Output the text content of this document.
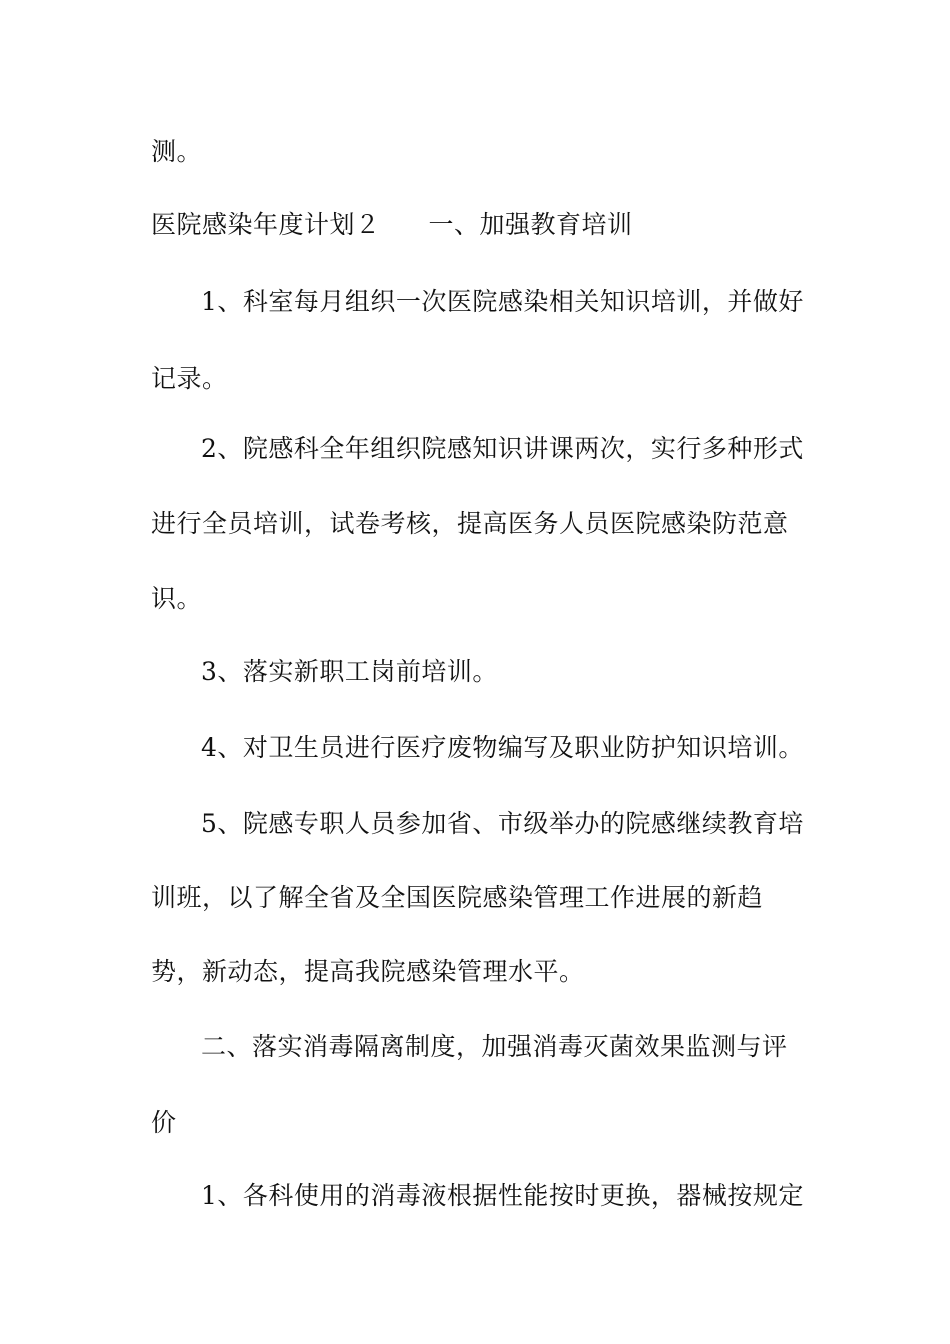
测。
医院感染年度计划２ 一、加强教育培训
1、科室每月组织一次医院感染相关知识培训，并做好
记录。
2、院感科全年组织院感知识讲课两次，实行多种形式
进行全员培训，试卷考核，提高医务人员医院感染防范意
识。
3、落实新职工岗前培训。
4、对卫生员进行医疗废物编写及职业防护知识培训。
5、院感专职人员参加省、市级举办的院感继续教育培
训班，以了解全省及全国医院感染管理工作进展的新趋
势，新动态，提高我院感染管理水平。
二、落实消毒隔离制度，加强消毒灭菌效果监测与评
价
1、各科使用的消毒液根据性能按时更换，器械按规定
